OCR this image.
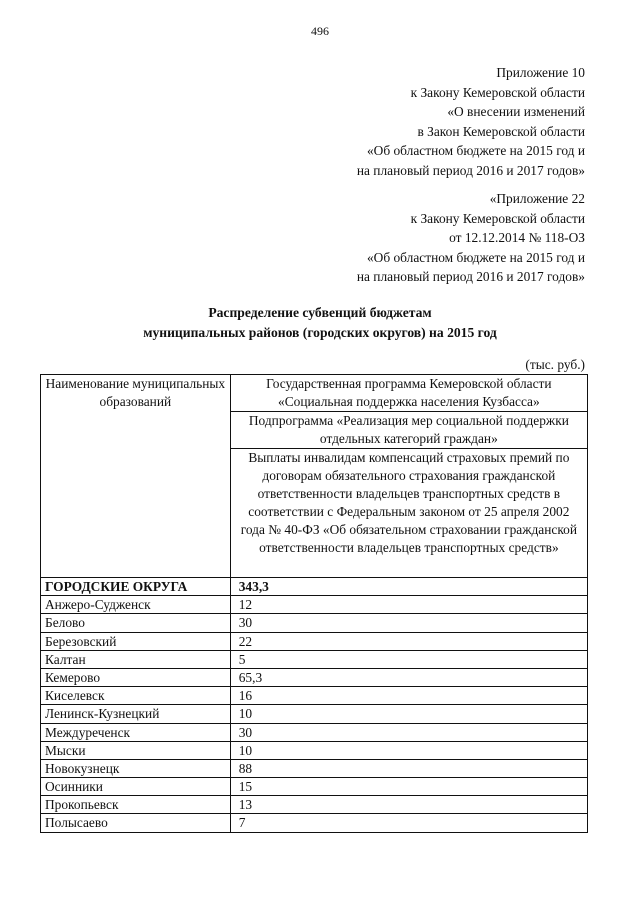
496
Приложение 10
к Закону Кемеровской области
«О внесении изменений
в Закон Кемеровской области
«Об областном бюджете на 2015 год и
на плановый период 2016 и 2017 годов»
«Приложение 22
к Закону Кемеровской области
от 12.12.2014 № 118-ОЗ
«Об областном бюджете на 2015 год и
на плановый период 2016 и 2017 годов»
Распределение субвенций бюджетам
муниципальных районов (городских округов) на 2015 год
(тыс. руб.)
Наименование муниципальных образований	Государственная программа Кемеровской области «Социальная поддержка населения Кузбасса»
	Подпрограмма «Реализация мер социальной поддержки отдельных категорий граждан»
	Выплаты инвалидам компенсаций страховых премий по договорам обязательного страхования гражданской ответственности владельцев транспортных средств в соответствии с Федеральным законом от 25 апреля 2002 года № 40-ФЗ «Об обязательном страховании гражданской ответственности владельцев транспортных средств»
ГОРОДСКИЕ ОКРУГА	343,3
Анжеро-Судженск	12
Белово	30
Березовский	22
Калтан	5
Кемерово	65,3
Киселевск	16
Ленинск-Кузнецкий	10
Междуреченск	30
Мыски	10
Новокузнецк	88
Осинники	15
Прокопьевск	13
Полысаево	7
